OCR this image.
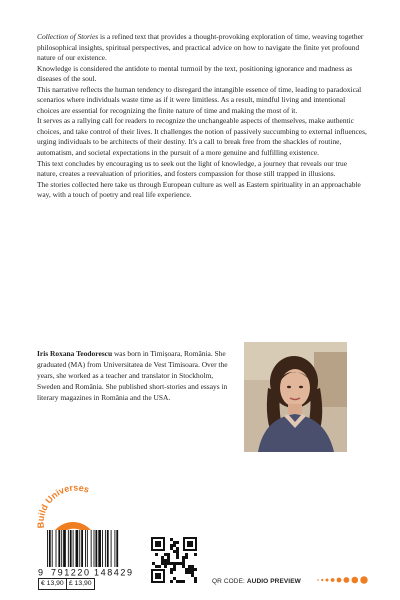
Collection of Stories is a refined text that provides a thought-provoking exploration of time, weaving together philosophical insights, spiritual perspectives, and practical advice on how to navigate the finite yet profound nature of our existence.

Knowledge is considered the antidote to mental turmoil by the text, positioning ignorance and madness as diseases of the soul.

This narrative reflects the human tendency to disregard the intangible essence of time, leading to paradoxical scenarios where individuals waste time as if it were limitless. As a result, mindful living and intentional choices are essential for recognizing the finite nature of time and making the most of it.

It serves as a rallying call for readers to recognize the unchangeable aspects of themselves, make authentic choices, and take control of their lives. It challenges the notion of passively succumbing to external influences, urging individuals to be architects of their destiny. It's a call to break free from the shackles of routine, automatism, and societal expectations in the pursuit of a more genuine and fulfilling existence.

This text concludes by encouraging us to seek out the light of knowledge, a journey that reveals our true nature, creates a reevaluation of priorities, and fosters compassion for those still trapped in illusions.

The stories collected here take us through European culture as well as Eastern spirituality in an approachable way, with a touch of poetry and real life experience.

Iris Roxana Teodorescu was born in Timișoara, România. She graduated (MA) from Universitatea de Vest Timisoara. Over the years, she worked as a teacher and translator in Stockholm, Sweden and România. She published short-stories and essays in literary magazines in România and the USA.
Build Universes
9 791220 148429
€ 13,90 £ 13,90	QR CODE: AUDIO PREVIEW
